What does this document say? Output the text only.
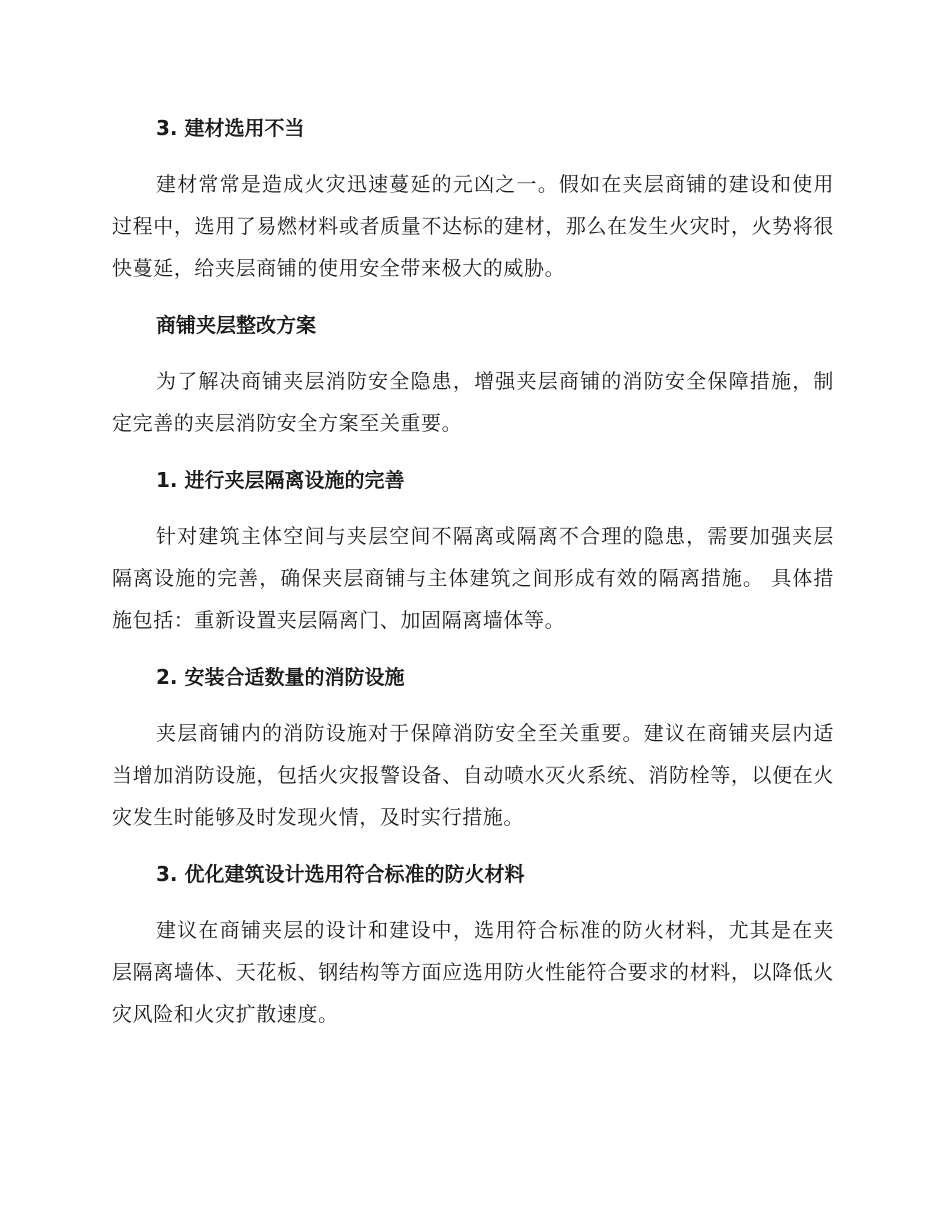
3. 建材选用不当

建材常常是造成火灾迅速蔓延的元凶之一。假如在夹层商铺的建设和使用过程中，选用了易燃材料或者质量不达标的建材，那么在发生火灾时，火势将很快蔓延，给夹层商铺的使用安全带来极大的威胁。

商铺夹层整改方案

为了解决商铺夹层消防安全隐患，增强夹层商铺的消防安全保障措施，制定完善的夹层消防安全方案至关重要。

1. 进行夹层隔离设施的完善

针对建筑主体空间与夹层空间不隔离或隔离不合理的隐患，需要加强夹层隔离设施的完善，确保夹层商铺与主体建筑之间形成有效的隔离措施。 具体措施包括：重新设置夹层隔离门、加固隔离墙体等。

2. 安装合适数量的消防设施

夹层商铺内的消防设施对于保障消防安全至关重要。建议在商铺夹层内适当增加消防设施，包括火灾报警设备、自动喷水灭火系统、消防栓等，以便在火灾发生时能够及时发现火情，及时实行措施。

3. 优化建筑设计选用符合标准的防火材料

建议在商铺夹层的设计和建设中，选用符合标准的防火材料，尤其是在夹层隔离墙体、天花板、钢结构等方面应选用防火性能符合要求的材料，以降低火灾风险和火灾扩散速度。
